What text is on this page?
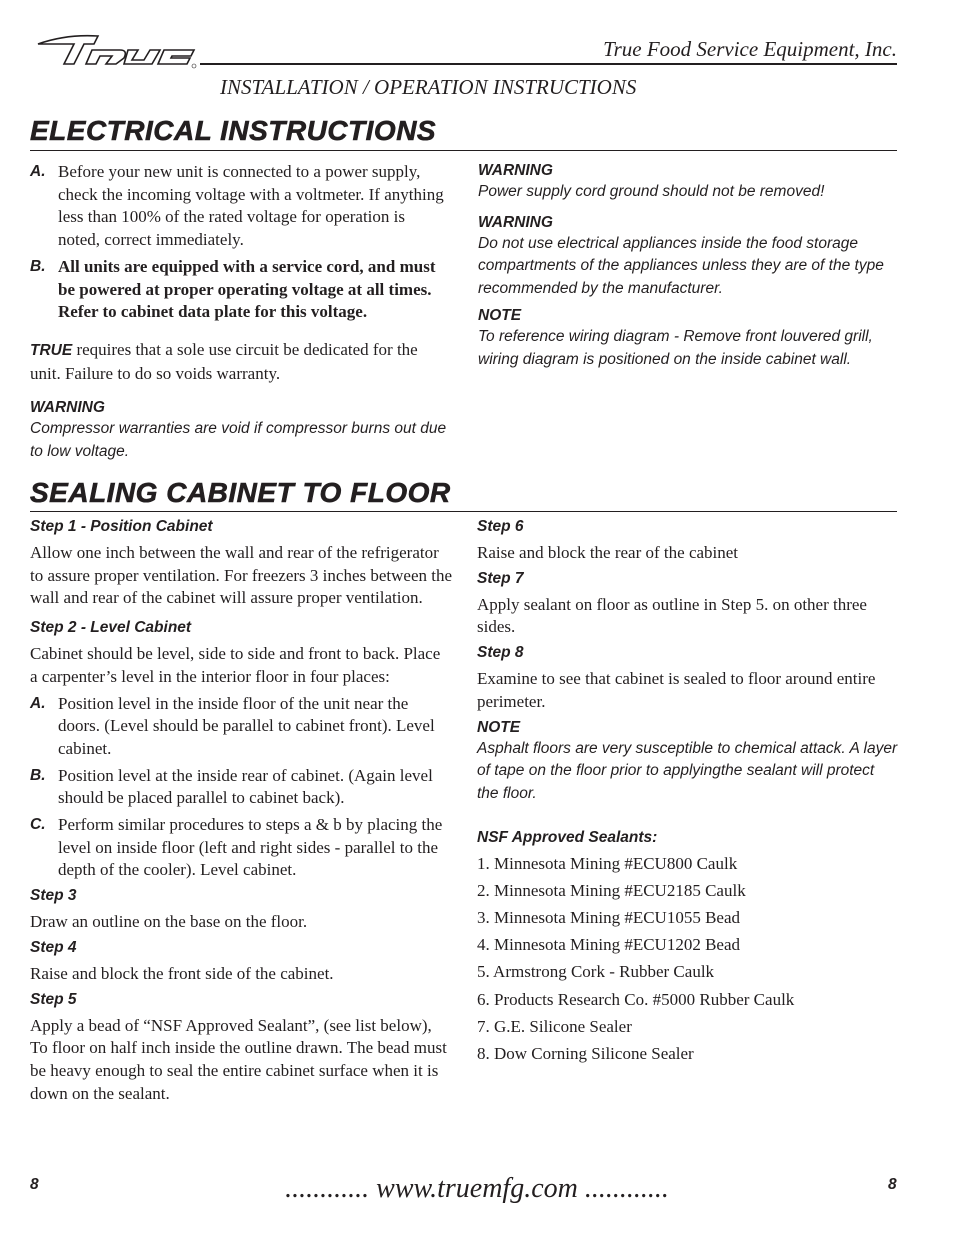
True Food Service Equipment, Inc.
INSTALLATION / OPERATION INSTRUCTIONS
ELECTRICAL INSTRUCTIONS
A. Before your new unit is connected to a power supply, check the incoming voltage with a voltmeter. If anything less than 100% of the rated voltage for operation is noted, correct immediately.
B. All units are equipped with a service cord, and must be powered at proper operating voltage at all times. Refer to cabinet data plate for this voltage.
TRUE requires that a sole use circuit be dedicated for the unit. Failure to do so voids warranty.
WARNING
Compressor warranties are void if compressor burns out due to low voltage.
WARNING
Power supply cord ground should not be removed!
WARNING
Do not use electrical appliances inside the food storage compartments of the appliances unless they are of the type recommended by the manufacturer.
NOTE
To reference wiring diagram - Remove front louvered grill, wiring diagram is positioned on the inside cabinet wall.
SEALING CABINET TO FLOOR
Step 1 - Position Cabinet
Allow one inch between the wall and rear of the refrigerator to assure proper ventilation. For freezers 3 inches between the wall and rear of the cabinet will assure proper ventilation.
Step 2 - Level Cabinet
Cabinet should be level, side to side and front to back. Place a carpenter’s level in the interior floor in four places:
A. Position level in the inside floor of the unit near the doors. (Level should be parallel to cabinet front). Level cabinet.
B. Position level at the inside rear of cabinet. (Again level should be placed parallel to cabinet back).
C. Perform similar procedures to steps a & b by placing the level on inside floor (left and right sides - parallel to the depth of the cooler). Level cabinet.
Step 3
Draw an outline on the base on the floor.
Step 4
Raise and block the front side of the cabinet.
Step 5
Apply a bead of “NSF Approved Sealant”, (see list below), To floor on half inch inside the outline drawn. The bead must be heavy enough to seal the entire cabinet surface when it is down on the sealant.
Step 6
Raise and block the rear of the cabinet
Step 7
Apply sealant on floor as outline in Step 5. on other three sides.
Step 8
Examine to see that cabinet is sealed to floor around entire perimeter.
NOTE
Asphalt floors are very susceptible to chemical attack. A layer of tape on the floor prior to applyingthe sealant will protect the floor.
NSF Approved Sealants:
1. Minnesota Mining #ECU800 Caulk
2. Minnesota Mining #ECU2185 Caulk
3. Minnesota Mining #ECU1055 Bead
4. Minnesota Mining #ECU1202 Bead
5. Armstrong Cork - Rubber Caulk
6. Products Research Co. #5000 Rubber Caulk
7. G.E. Silicone Sealer
8. Dow Corning Silicone Sealer
8	............ www.truemfg.com ............	8
